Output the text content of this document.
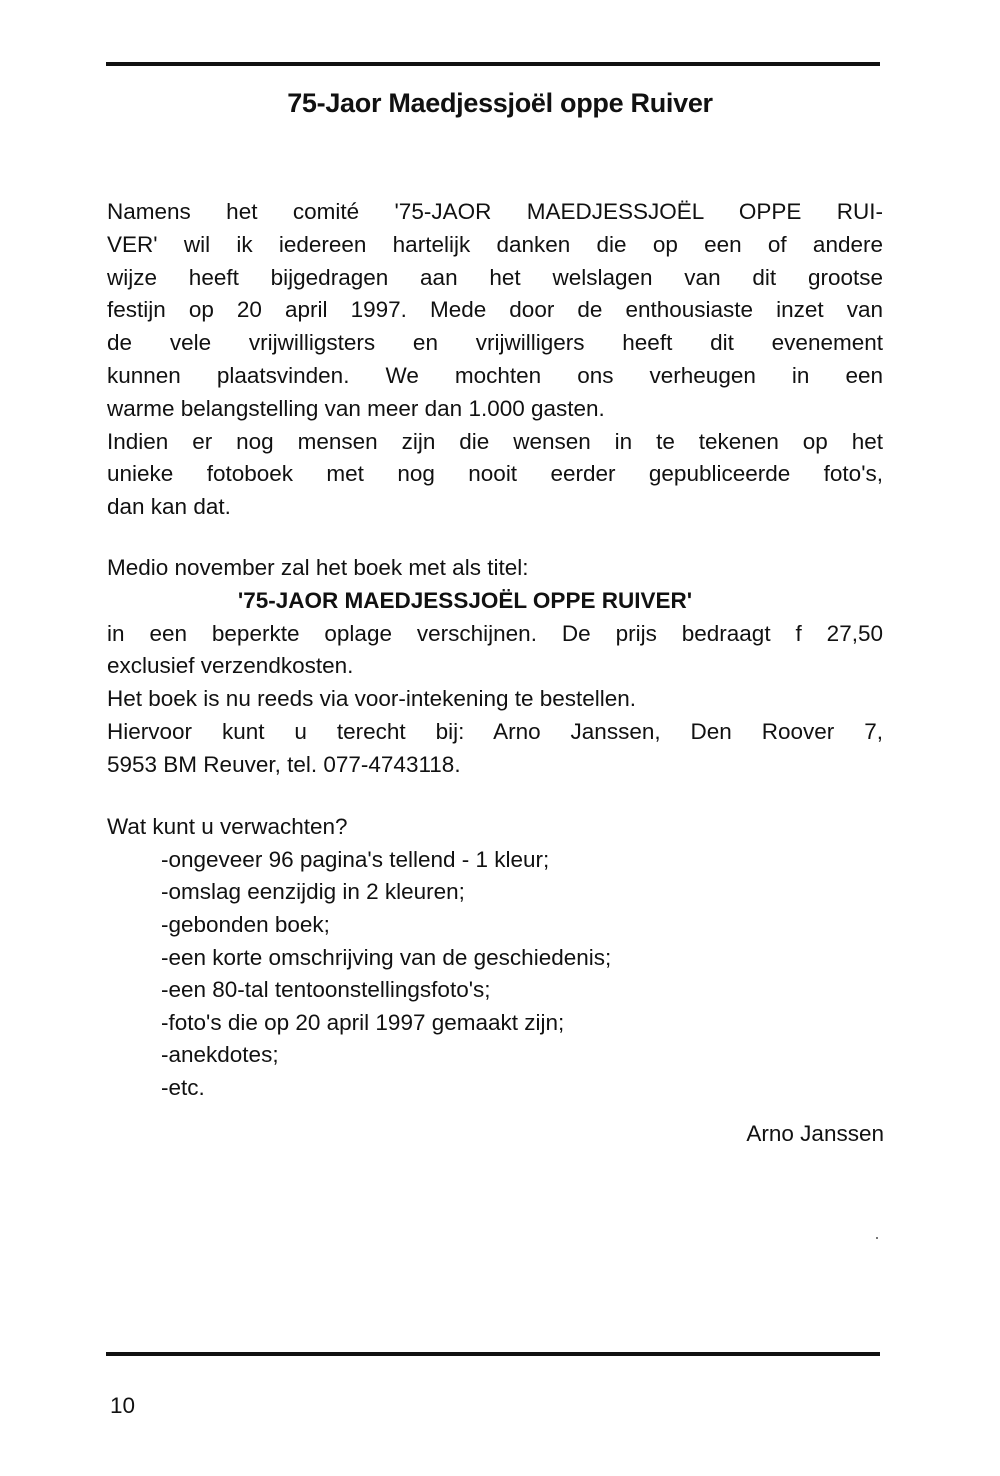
75-Jaor Maedjessjoël oppe Ruiver
Namens het comité '75-JAOR MAEDJESSJOËL OPPE RUI-
VER' wil ik iedereen hartelijk danken die op een of andere
wijze heeft bijgedragen aan het welslagen van dit grootse
festijn op 20 april 1997. Mede door de enthousiaste inzet van
de vele vrijwilligsters en vrijwilligers heeft dit evenement
kunnen plaatsvinden. We mochten ons verheugen in een
warme belangstelling van meer dan 1.000 gasten.
Indien er nog mensen zijn die wensen in te tekenen op het
unieke fotoboek met nog nooit eerder gepubliceerde foto's,
dan kan dat.
Medio november zal het boek met als titel:
'75-JAOR MAEDJESSJOËL OPPE RUIVER'
in een beperkte oplage verschijnen. De prijs bedraagt f 27,50
exclusief verzendkosten.
Het boek is nu reeds via voor-intekening te bestellen.
Hiervoor kunt u terecht bij: Arno Janssen, Den Roover 7,
5953 BM Reuver, tel. 077-4743118.
Wat kunt u verwachten?
-ongeveer 96 pagina's tellend - 1 kleur;
-omslag eenzijdig in 2 kleuren;
-gebonden boek;
-een korte omschrijving van de geschiedenis;
-een 80-tal tentoonstellingsfoto's;
-foto's die op 20 april 1997 gemaakt zijn;
-anekdotes;
-etc.
Arno Janssen
10
